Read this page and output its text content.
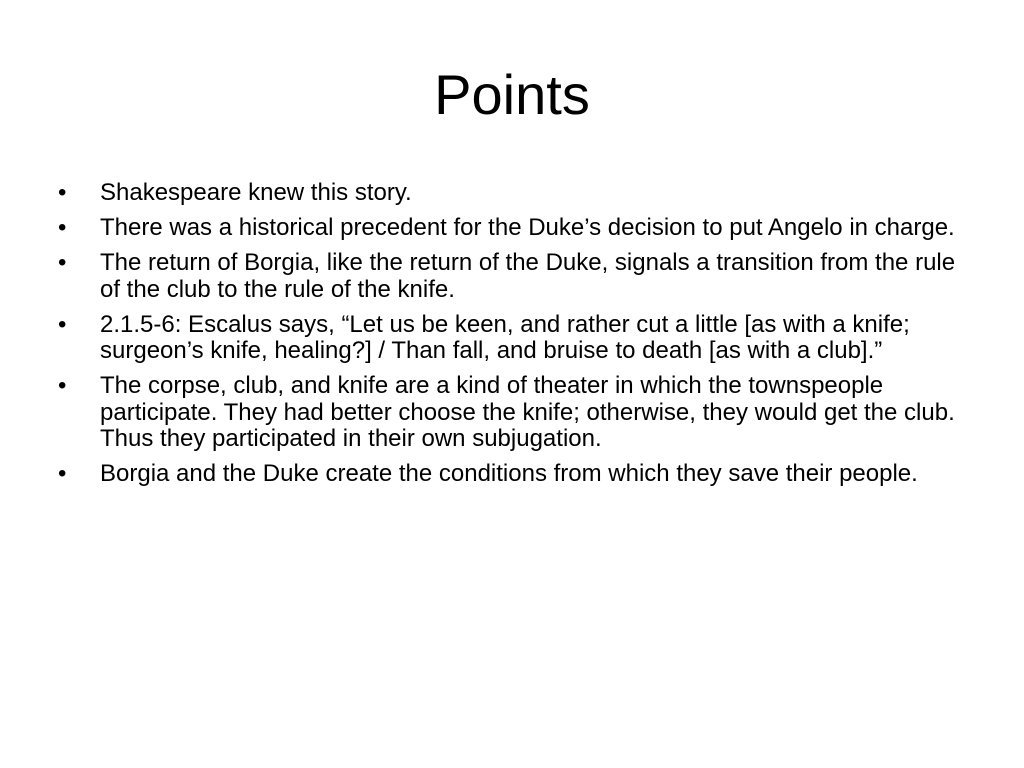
Points
• Shakespeare knew this story.
• There was a historical precedent for the Duke’s decision to put Angelo in charge.
• The return of Borgia, like the return of the Duke, signals a transition from the rule of the club to the rule of the knife.
• 2.1.5-6: Escalus says, “Let us be keen, and rather cut a little [as with a knife; surgeon’s knife, healing?] / Than fall, and bruise to death [as with a club].”
• The corpse, club, and knife are a kind of theater in which the townspeople participate. They had better choose the knife; otherwise, they would get the club. Thus they participated in their own subjugation.
• Borgia and the Duke create the conditions from which they save their people.
